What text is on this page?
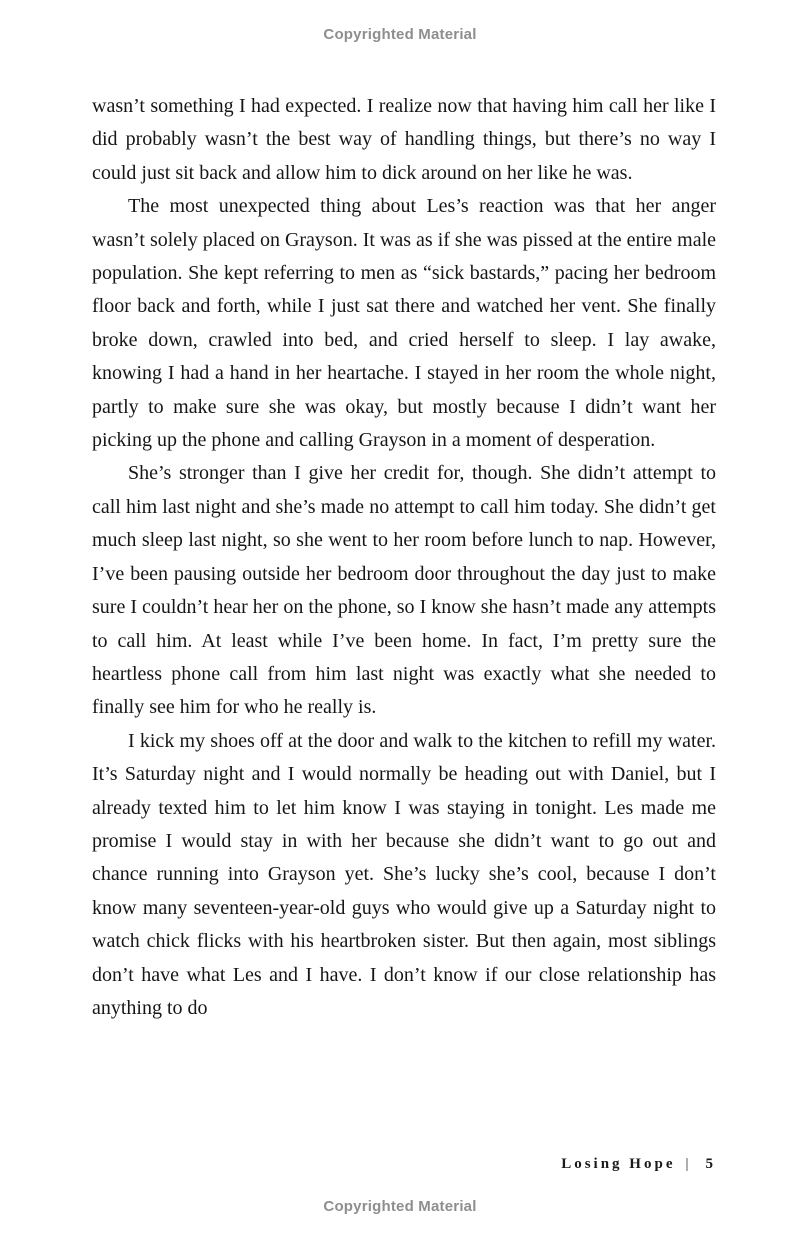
Copyrighted Material

wasn’t something I had expected. I realize now that having him call her like I did probably wasn’t the best way of handling things, but there’s no way I could just sit back and allow him to dick around on her like he was.

The most unexpected thing about Les’s reaction was that her anger wasn’t solely placed on Grayson. It was as if she was pissed at the entire male population. She kept referring to men as “sick bastards,” pacing her bedroom floor back and forth, while I just sat there and watched her vent. She finally broke down, crawled into bed, and cried herself to sleep. I lay awake, knowing I had a hand in her heartache. I stayed in her room the whole night, partly to make sure she was okay, but mostly because I didn’t want her picking up the phone and calling Grayson in a moment of desperation.

She’s stronger than I give her credit for, though. She didn’t attempt to call him last night and she’s made no attempt to call him today. She didn’t get much sleep last night, so she went to her room before lunch to nap. However, I’ve been pausing outside her bedroom door throughout the day just to make sure I couldn’t hear her on the phone, so I know she hasn’t made any attempts to call him. At least while I’ve been home. In fact, I’m pretty sure the heartless phone call from him last night was exactly what she needed to finally see him for who he really is.

I kick my shoes off at the door and walk to the kitchen to refill my water. It’s Saturday night and I would normally be heading out with Daniel, but I already texted him to let him know I was staying in tonight. Les made me promise I would stay in with her because she didn’t want to go out and chance running into Grayson yet. She’s lucky she’s cool, because I don’t know many seventeen-year-old guys who would give up a Saturday night to watch chick flicks with his heartbroken sister. But then again, most siblings don’t have what Les and I have. I don’t know if our close relationship has anything to do

Losing Hope | 5
Copyrighted Material
